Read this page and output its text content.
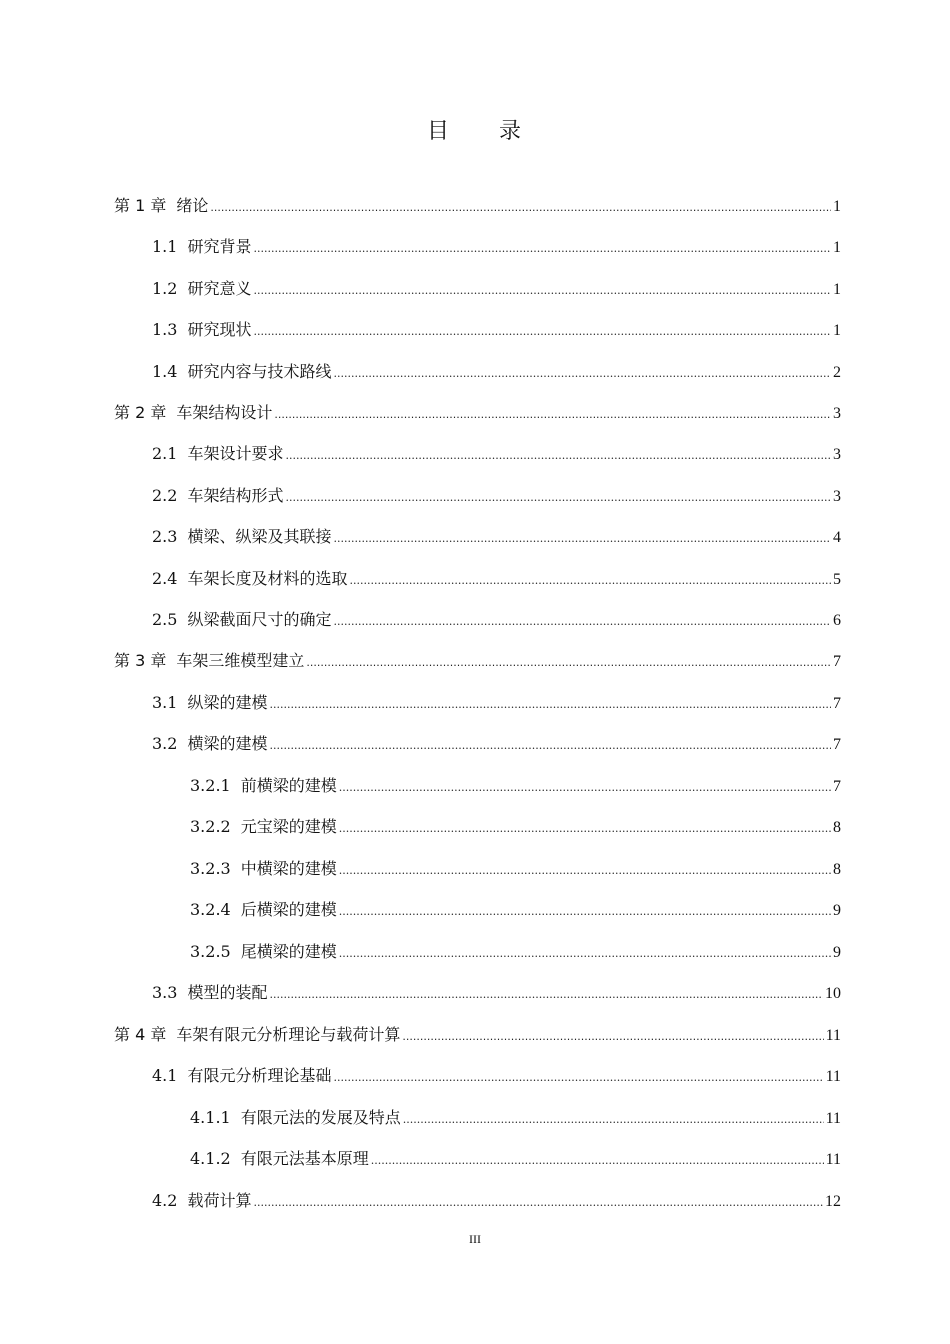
目 录
第 1 章 绪论 .....	1
1.1 研究背景 .....	1
1.2 研究意义 .....	1
1.3 研究现状 .....	1
1.4 研究内容与技术路线 .....	2
第 2 章 车架结构设计 .....	3
2.1 车架设计要求 .....	3
2.2 车架结构形式 .....	3
2.3 横梁、纵梁及其联接 .....	4
2.4 车架长度及材料的选取 .....	5
2.5 纵梁截面尺寸的确定 .....	6
第 3 章 车架三维模型建立 .....	7
3.1 纵梁的建模 .....	7
3.2 横梁的建模 .....	7
3.2.1 前横梁的建模 .....	7
3.2.2 元宝梁的建模 .....	8
3.2.3 中横梁的建模 .....	8
3.2.4 后横梁的建模 .....	9
3.2.5 尾横梁的建模 .....	9
3.3 模型的装配 .....	10
第 4 章 车架有限元分析理论与载荷计算 .....	11
4.1 有限元分析理论基础 .....	11
4.1.1 有限元法的发展及特点 .....	11
4.1.2 有限元法基本原理 .....	11
4.2 载荷计算 .....	12
III
